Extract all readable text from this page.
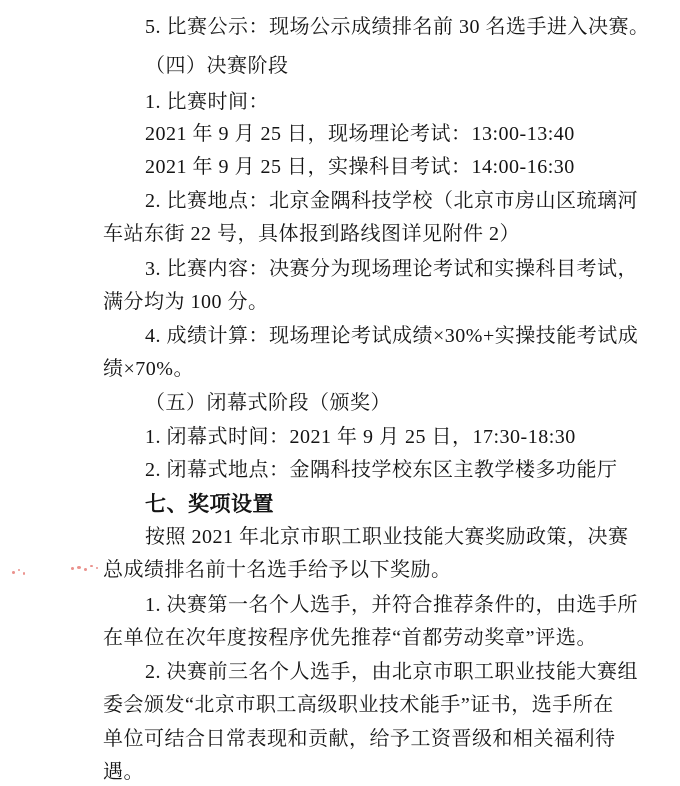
5. 比赛公示：现场公示成绩排名前 30 名选手进入决赛。
（四）决赛阶段
1. 比赛时间：
2021 年 9 月 25 日，现场理论考试：13:00-13:40
2021 年 9 月 25 日，实操科目考试：14:00-16:30
2. 比赛地点：北京金隅科技学校（北京市房山区琉璃河
车站东街 22 号，具体报到路线图详见附件 2）
3. 比赛内容：决赛分为现场理论考试和实操科目考试，
满分均为 100 分。
4. 成绩计算：现场理论考试成绩×30%+实操技能考试成
绩×70%。
（五）闭幕式阶段（颁奖）
1. 闭幕式时间：2021 年 9 月 25 日，17:30-18:30
2. 闭幕式地点：金隅科技学校东区主教学楼多功能厅
七、奖项设置
按照 2021 年北京市职工职业技能大赛奖励政策，决赛
总成绩排名前十名选手给予以下奖励。
1. 决赛第一名个人选手，并符合推荐条件的，由选手所
在单位在次年度按程序优先推荐“首都劳动奖章”评选。
2. 决赛前三名个人选手，由北京市职工职业技能大赛组
委会颁发“北京市职工高级职业技术能手”证书，选手所在
单位可结合日常表现和贡献，给予工资晋级和相关福利待
遇。
